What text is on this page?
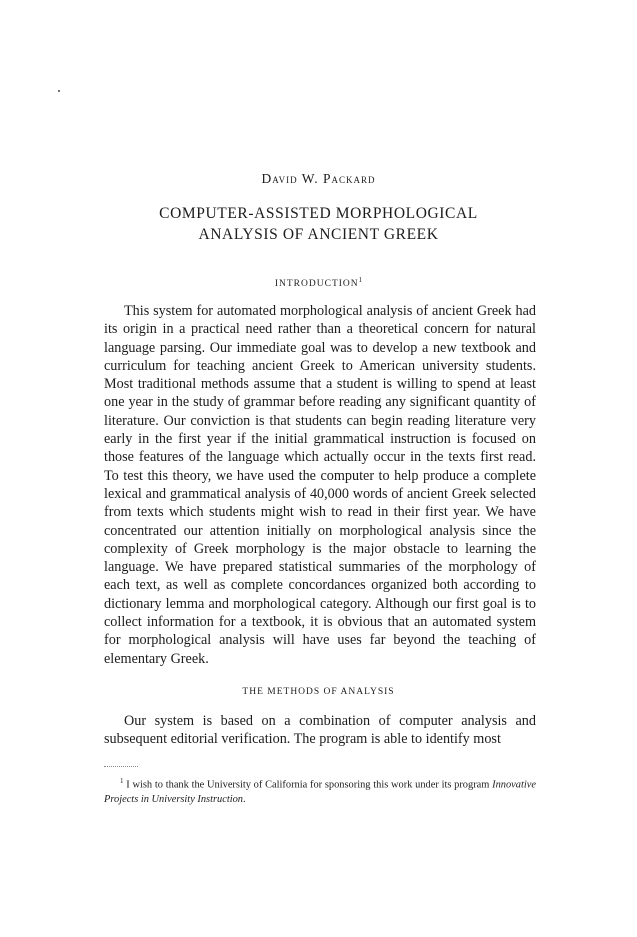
David W. Packard
COMPUTER-ASSISTED MORPHOLOGICAL
ANALYSIS OF ANCIENT GREEK
INTRODUCTION$^1$

This system for automated morphological analysis of ancient Greek had its origin in a practical need rather than a theoretical concern for natural language parsing. Our immediate goal was to develop a new textbook and curriculum for teaching ancient Greek to American university students. Most traditional methods assume that a student is willing to spend at least one year in the study of grammar before reading any significant quantity of literature. Our conviction is that students can begin reading literature very early in the first year if the initial grammatical instruction is focused on those features of the language which actually occur in the texts first read. To test this theory, we have used the computer to help produce a complete lexical and grammatical analysis of 40,000 words of ancient Greek selected from texts which students might wish to read in their first year. We have concentrated our attention initially on morphological analysis since the complexity of Greek morphology is the major obstacle to learning the language. We have prepared statistical summaries of the morphology of each text, as well as complete concordances organized both according to dictionary lemma and morphological category. Although our first goal is to collect information for a textbook, it is obvious that an automated system for morphological analysis will have uses far beyond the teaching of elementary Greek.

THE METHODS OF ANALYSIS

Our system is based on a combination of computer analysis and subsequent editorial verification. The program is able to identify most

$^1$ I wish to thank the University of California for sponsoring this work under its program Innovative Projects in University Instruction.
